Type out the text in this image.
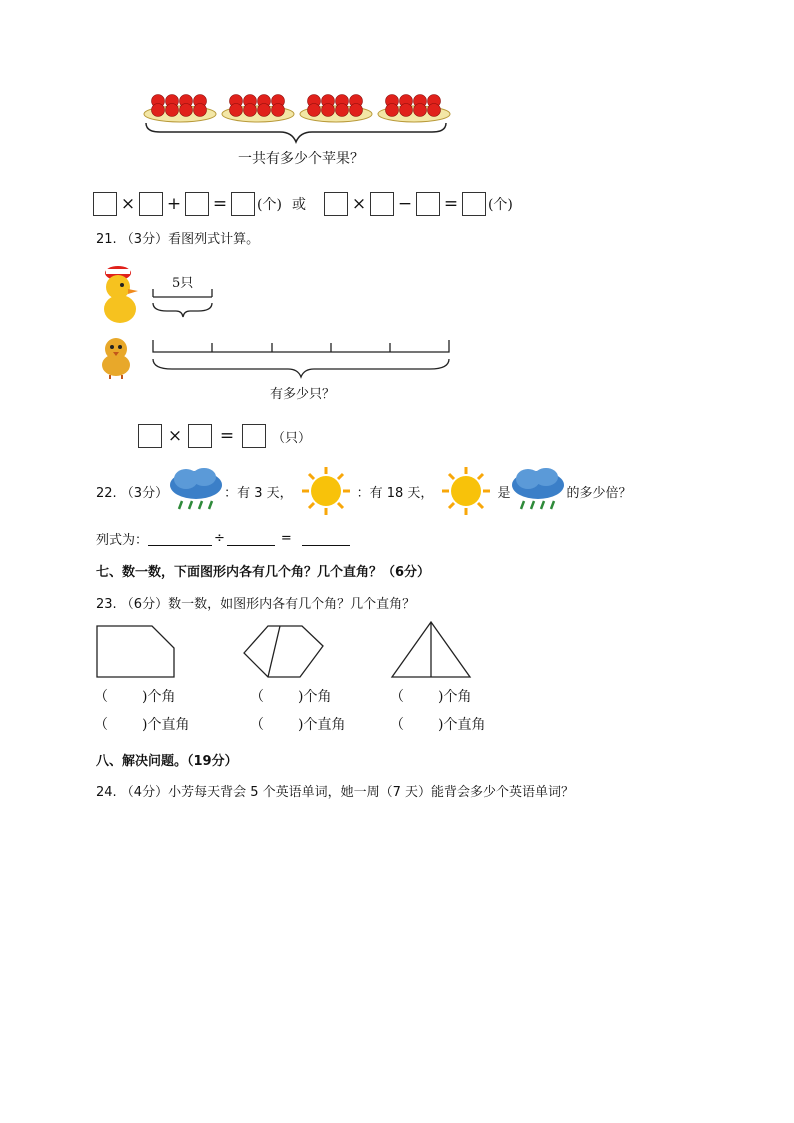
一共有多少个苹果？
× + = (个) 或	× − = (个)
21. （3分）看图列式计算。
5只
有多少只？
×	=	（只）
22. （3分）	：有 3 天，	：有 18 天，	是	的多少倍？
列式为：	÷	=
七、数一数，下面图形内各有几个角？几个直角？（6分）
23. （6分）数一数，如图形内各有几个角？几个直角？
（ )个角	（ )个角	（ )个角
（ )个直角	（ )个直角	（ )个直角
八、解决问题。（19分）
24. （4分）小芳每天背会 5 个英语单词，她一周（7 天）能背会多少个英语单词？
